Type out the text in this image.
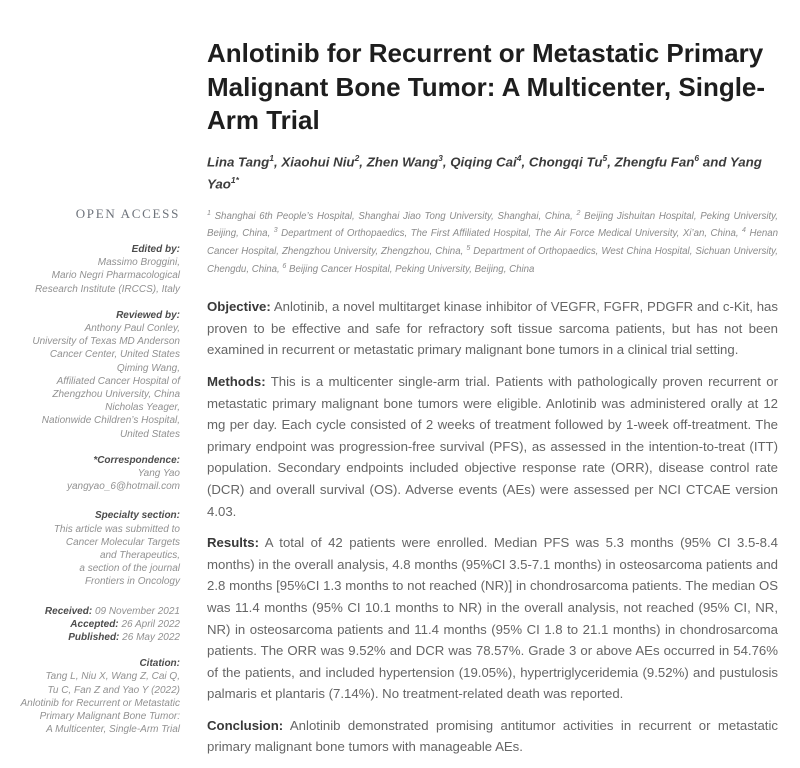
OPEN ACCESS
Edited by:
Massimo Broggini,
Mario Negri Pharmacological
Research Institute (IRCCS), Italy
Reviewed by:
Anthony Paul Conley,
University of Texas MD Anderson
Cancer Center, United States
Qiming Wang,
Affiliated Cancer Hospital of
Zhengzhou University, China
Nicholas Yeager,
Nationwide Children’s Hospital,
United States
*Correspondence:
Yang Yao
yangyao_6@hotmail.com
Specialty section:
This article was submitted to
Cancer Molecular Targets
and Therapeutics,
a section of the journal
Frontiers in Oncology
Received: 09 November 2021
Accepted: 26 April 2022
Published: 26 May 2022
Citation:
Tang L, Niu X, Wang Z, Cai Q,
Tu C, Fan Z and Yao Y (2022)
Anlotinib for Recurrent or Metastatic
Primary Malignant Bone Tumor:
A Multicenter, Single-Arm Trial
Anlotinib for Recurrent or Metastatic Primary Malignant Bone Tumor: A Multicenter, Single-Arm Trial

Lina Tang$^1$, Xiaohui Niu$^2$, Zhen Wang$^3$, Qiqing Cai$^4$, Chongqi Tu$^5$, Zhengfu Fan$^6$ and Yang Yao$^{1*}$

$^1$ Shanghai 6th People’s Hospital, Shanghai Jiao Tong University, Shanghai, China, $^2$ Beijing Jishuitan Hospital, Peking University, Beijing, China, $^3$ Department of Orthopaedics, The First Affiliated Hospital, The Air Force Medical University, Xi’an, China, $^4$ Henan Cancer Hospital, Zhengzhou University, Zhengzhou, China, $^5$ Department of Orthopaedics, West China Hospital, Sichuan University, Chengdu, China, $^6$ Beijing Cancer Hospital, Peking University, Beijing, China

Objective: Anlotinib, a novel multitarget kinase inhibitor of VEGFR, FGFR, PDGFR and c-Kit, has proven to be effective and safe for refractory soft tissue sarcoma patients, but has not been examined in recurrent or metastatic primary malignant bone tumors in a clinical trial setting.

Methods: This is a multicenter single-arm trial. Patients with pathologically proven recurrent or metastatic primary malignant bone tumors were eligible. Anlotinib was administered orally at 12 mg per day. Each cycle consisted of 2 weeks of treatment followed by 1-week off-treatment. The primary endpoint was progression-free survival (PFS), as assessed in the intention-to-treat (ITT) population. Secondary endpoints included objective response rate (ORR), disease control rate (DCR) and overall survival (OS). Adverse events (AEs) were assessed per NCI CTCAE version 4.03.

Results: A total of 42 patients were enrolled. Median PFS was 5.3 months (95% CI 3.5-8.4 months) in the overall analysis, 4.8 months (95%CI 3.5-7.1 months) in osteosarcoma patients and 2.8 months [95%CI 1.3 months to not reached (NR)] in chondrosarcoma patients. The median OS was 11.4 months (95% CI 10.1 months to NR) in the overall analysis, not reached (95% CI, NR, NR) in osteosarcoma patients and 11.4 months (95% CI 1.8 to 21.1 months) in chondrosarcoma patients. The ORR was 9.52% and DCR was 78.57%. Grade 3 or above AEs occurred in 54.76% of the patients, and included hypertension (19.05%), hypertriglyceridemia (9.52%) and pustulosis palmaris et plantaris (7.14%). No treatment-related death was reported.

Conclusion: Anlotinib demonstrated promising antitumor activities in recurrent or metastatic primary malignant bone tumors with manageable AEs.
